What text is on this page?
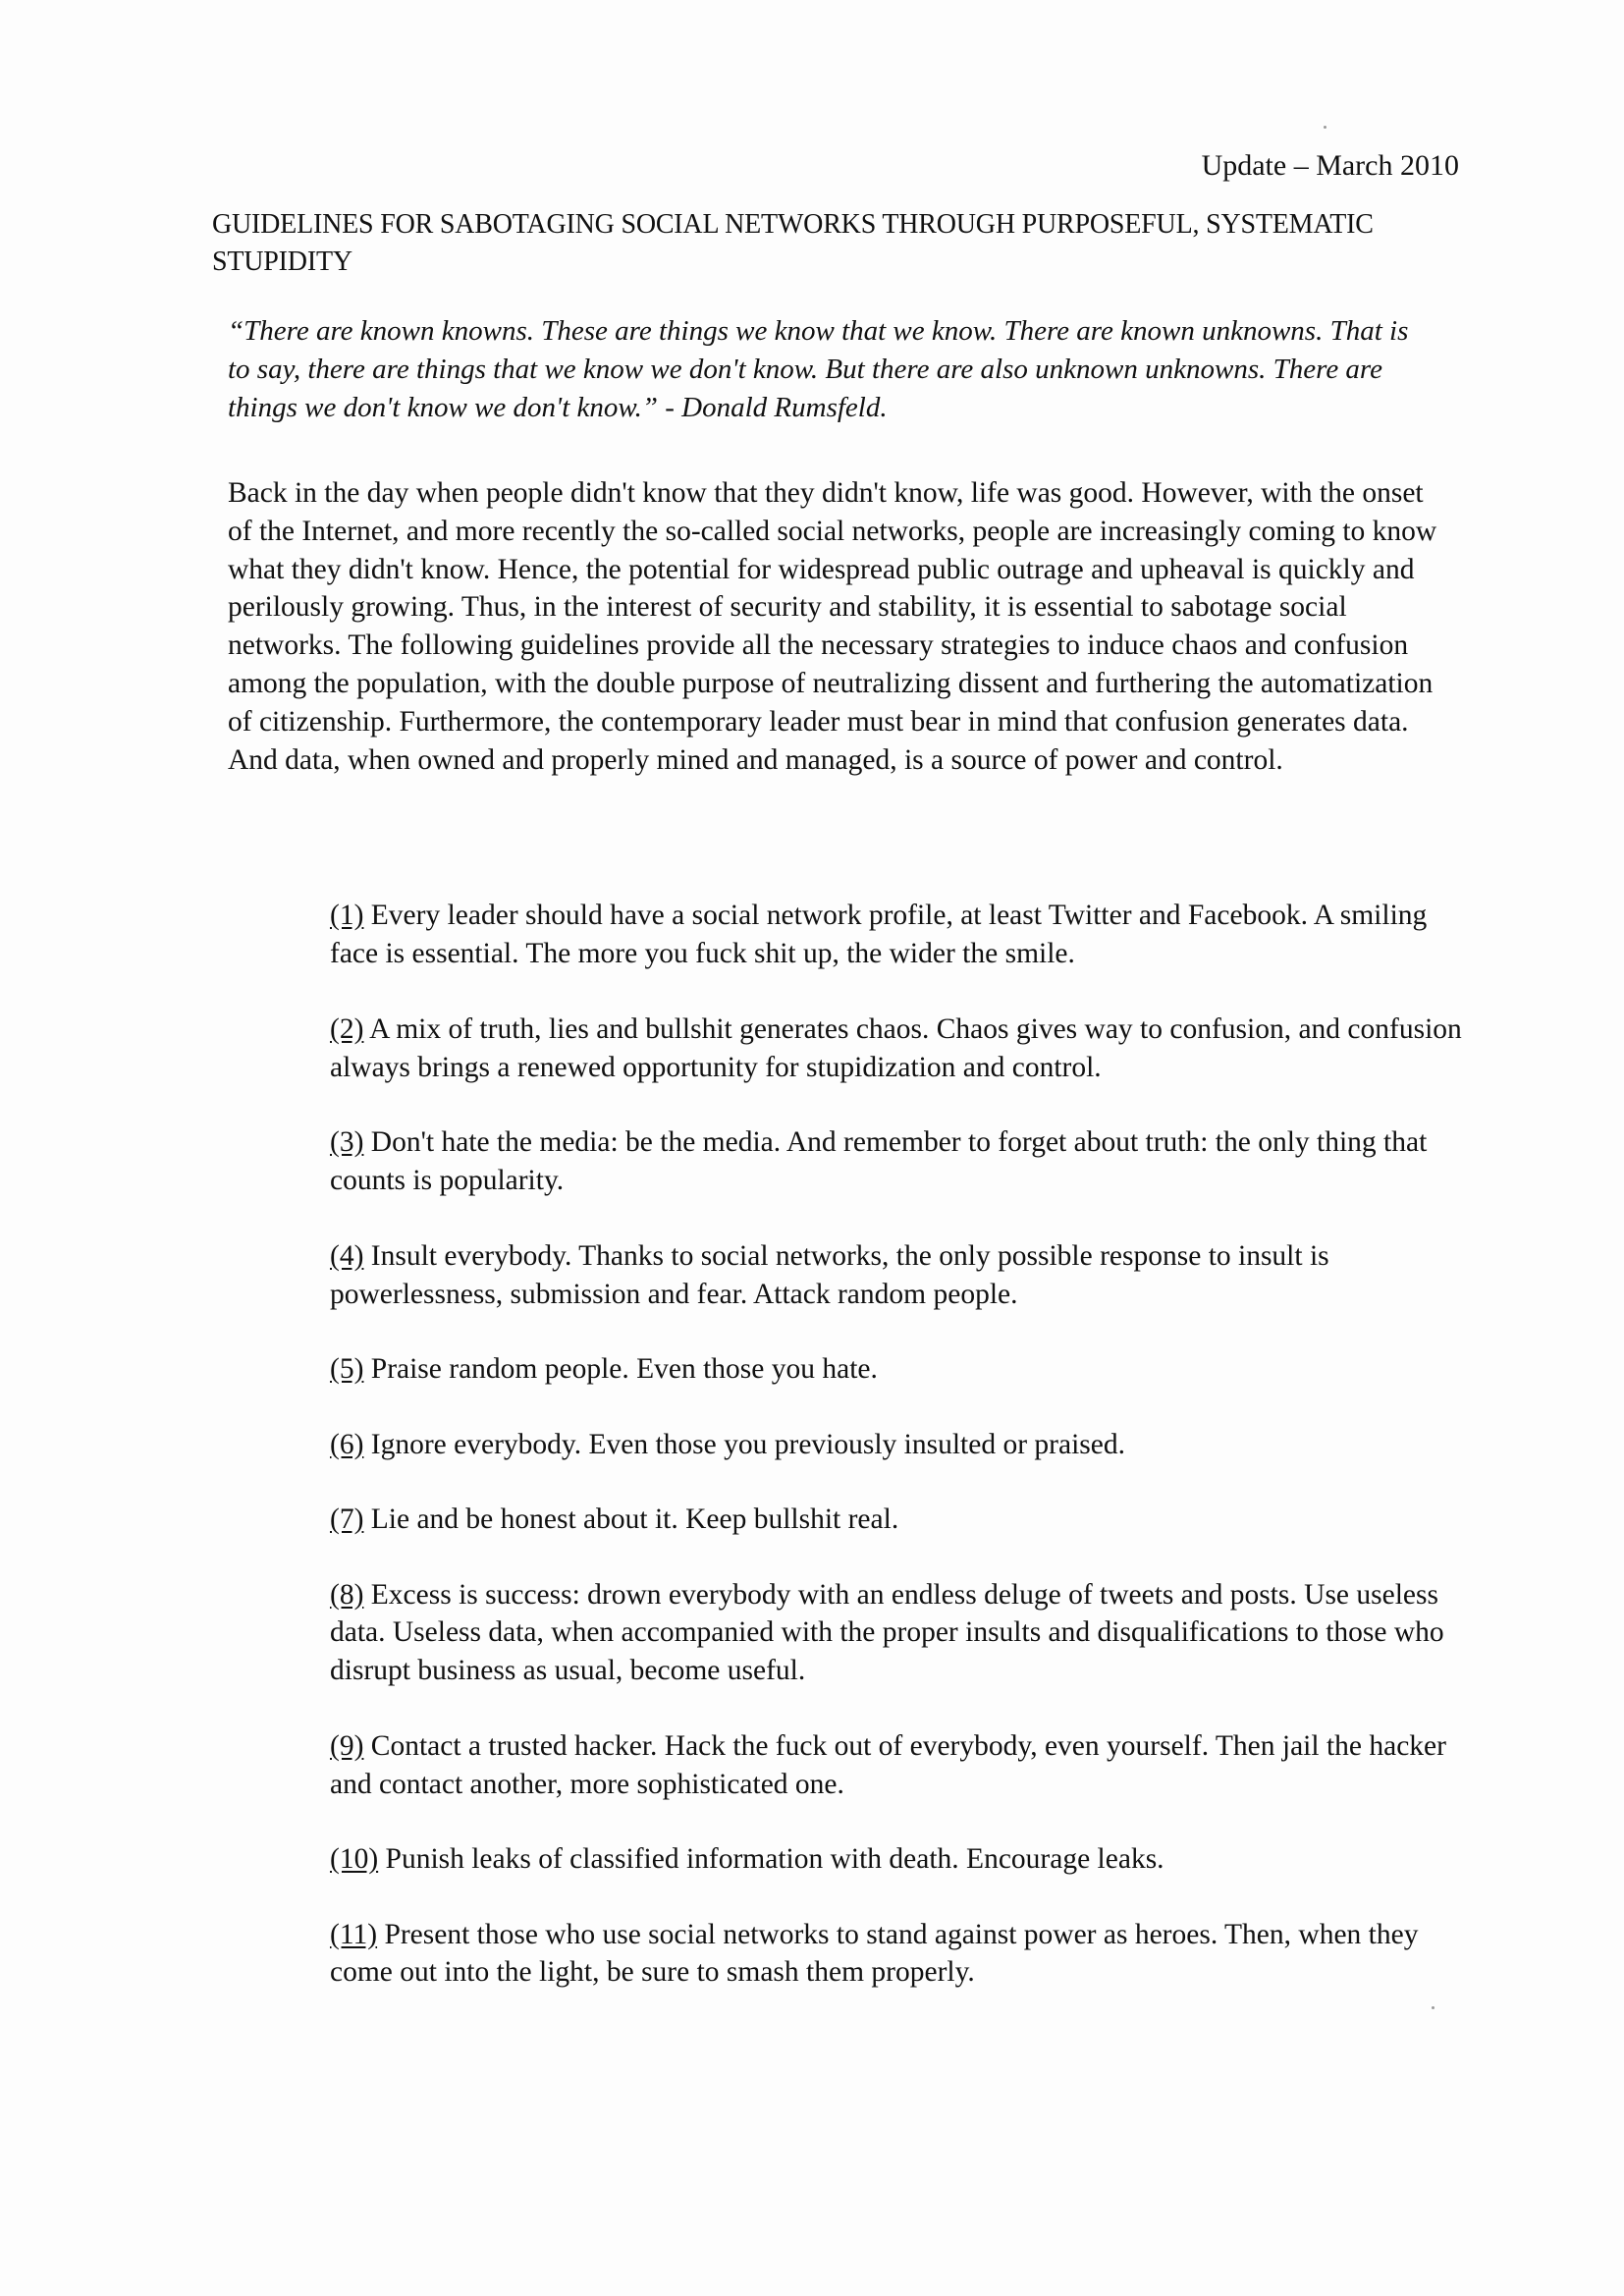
Update – March 2010
GUIDELINES FOR SABOTAGING SOCIAL NETWORKS THROUGH PURPOSEFUL, SYSTEMATIC STUPIDITY
“There are known knowns. These are things we know that we know. There are known unknowns. That is to say, there are things that we know we don't know. But there are also unknown unknowns. There are things we don't know we don't know.” - Donald Rumsfeld.
Back in the day when people didn't know that they didn't know, life was good. However, with the onset of the Internet, and more recently the so-called social networks, people are increasingly coming to know what they didn't know. Hence, the potential for widespread public outrage and upheaval is quickly and perilously growing. Thus, in the interest of security and stability, it is essential to sabotage social networks. The following guidelines provide all the necessary strategies to induce chaos and confusion among the population, with the double purpose of neutralizing dissent and furthering the automatization of citizenship. Furthermore, the contemporary leader must bear in mind that confusion generates data. And data, when owned and properly mined and managed, is a source of power and control.
(1) Every leader should have a social network profile, at least Twitter and Facebook. A smiling face is essential. The more you fuck shit up, the wider the smile.
(2) A mix of truth, lies and bullshit generates chaos. Chaos gives way to confusion, and confusion always brings a renewed opportunity for stupidization and control.
(3) Don't hate the media: be the media. And remember to forget about truth: the only thing that counts is popularity.
(4) Insult everybody. Thanks to social networks, the only possible response to insult is powerlessness, submission and fear. Attack random people.
(5) Praise random people. Even those you hate.
(6) Ignore everybody. Even those you previously insulted or praised.
(7) Lie and be honest about it. Keep bullshit real.
(8) Excess is success: drown everybody with an endless deluge of tweets and posts. Use useless data. Useless data, when accompanied with the proper insults and disqualifications to those who disrupt business as usual, become useful.
(9) Contact a trusted hacker. Hack the fuck out of everybody, even yourself. Then jail the hacker and contact another, more sophisticated one.
(10) Punish leaks of classified information with death. Encourage leaks.
(11) Present those who use social networks to stand against power as heroes. Then, when they come out into the light, be sure to smash them properly.
